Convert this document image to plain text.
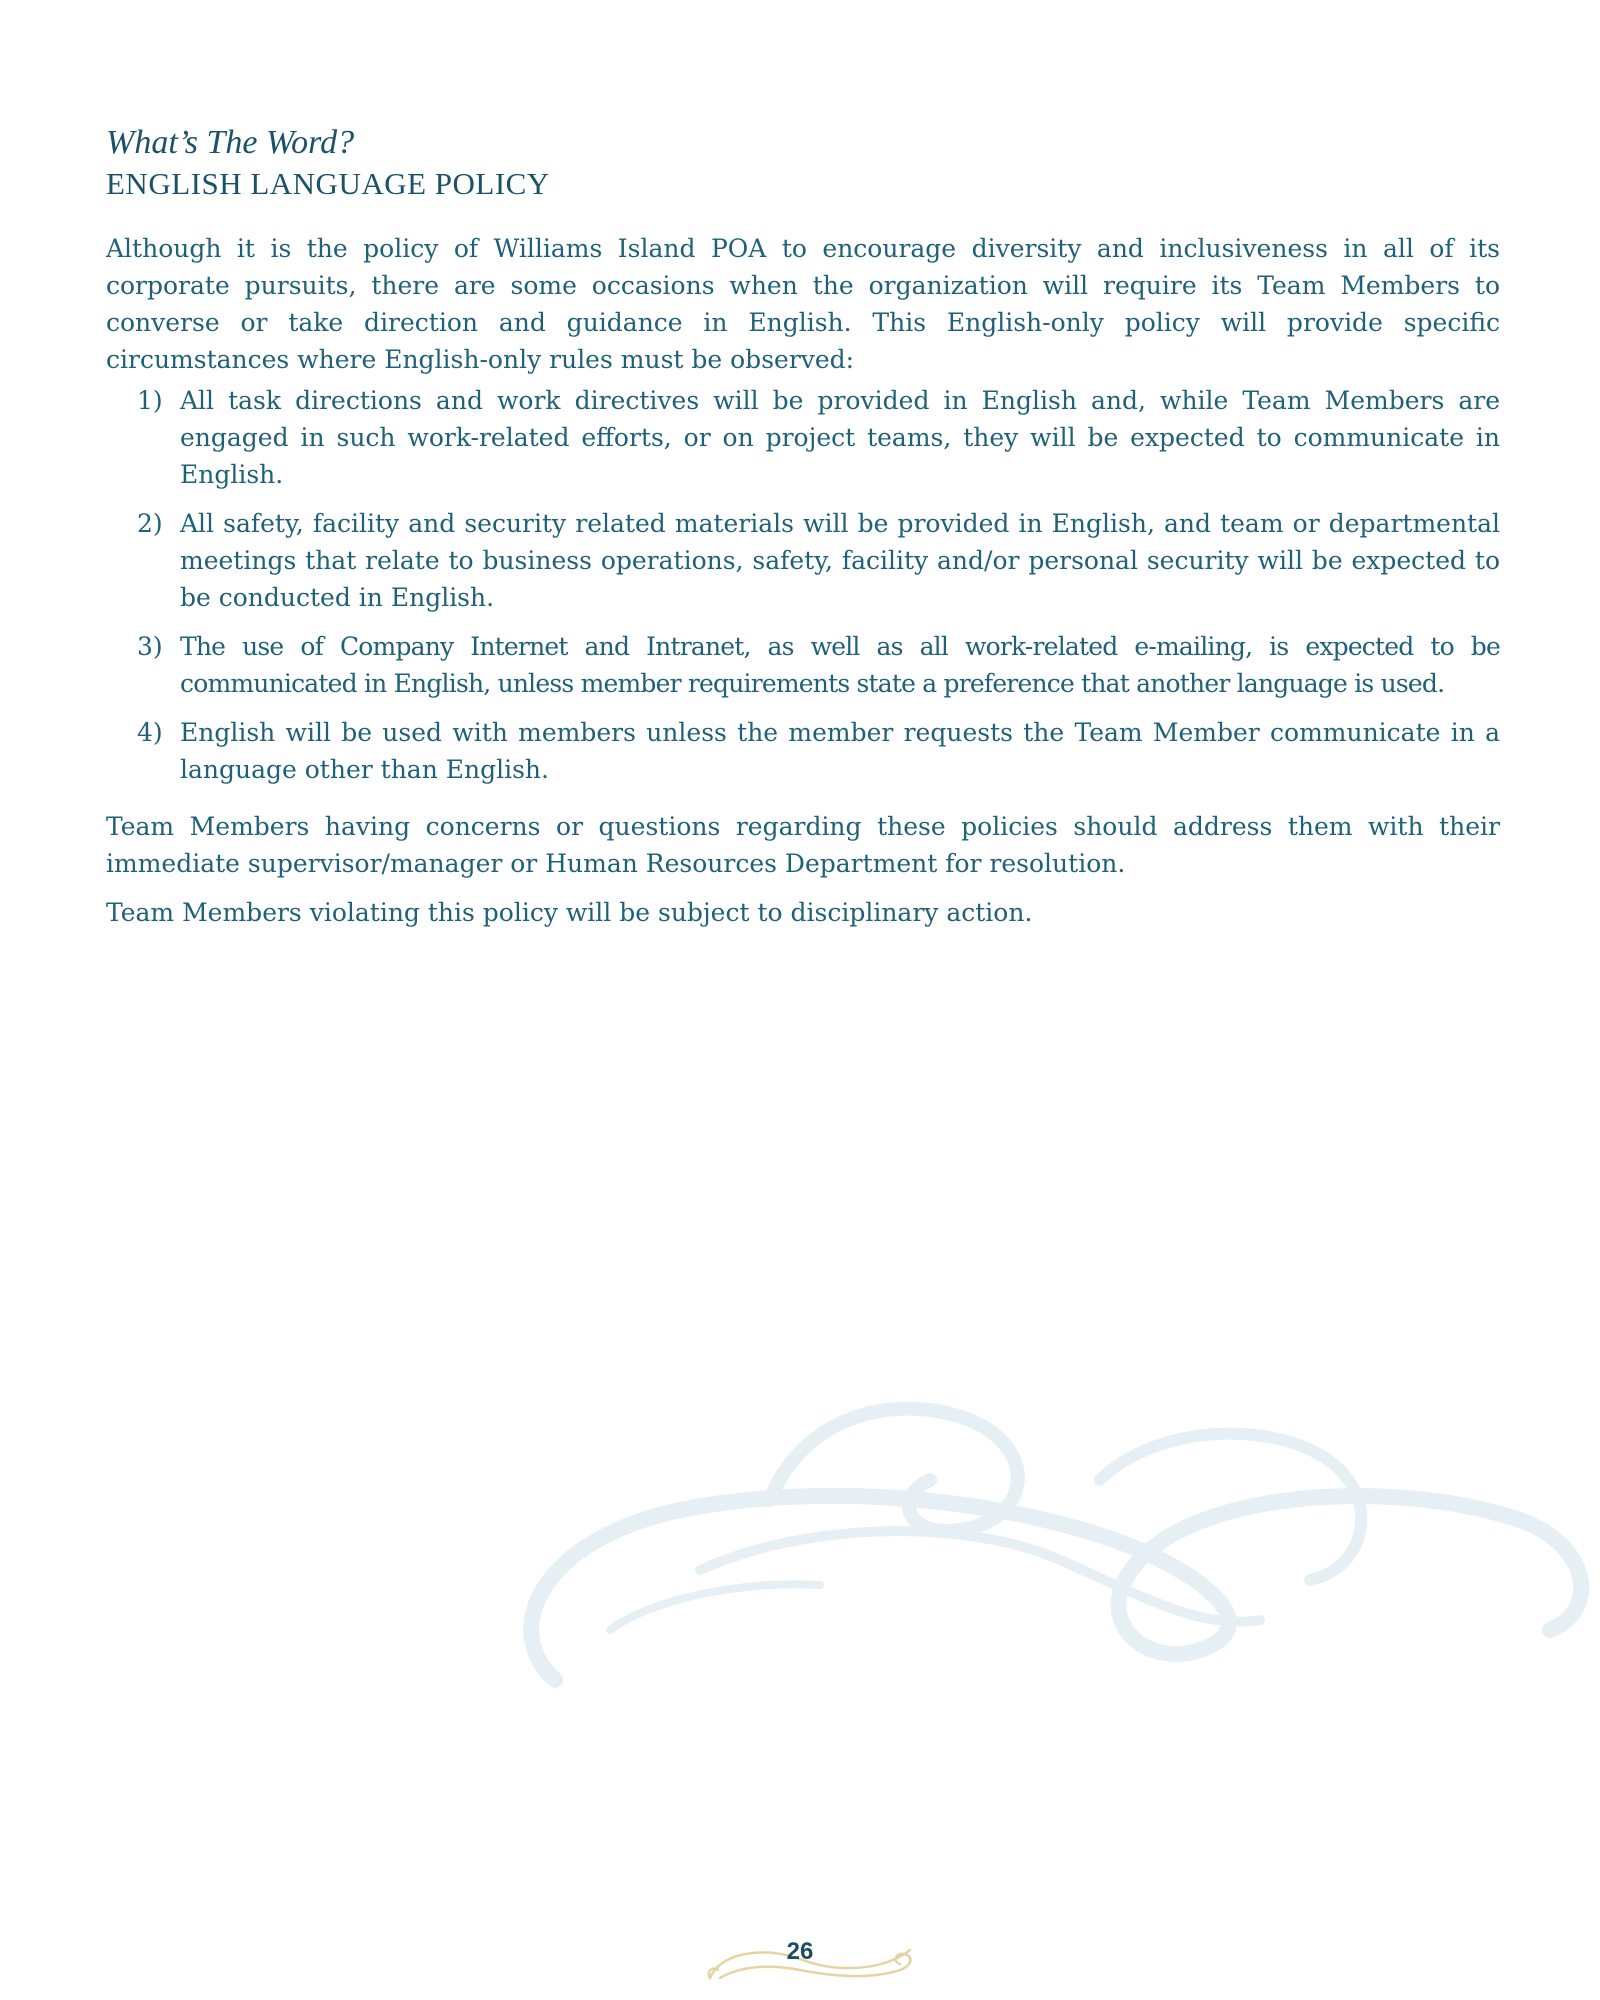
What’s The Word?
ENGLISH LANGUAGE POLICY

Although it is the policy of Williams Island POA to encourage diversity and inclusiveness in all of its corporate pursuits, there are some occasions when the organization will require its Team Members to converse or take direction and guidance in English. This English-only policy will provide specific circumstances where English-only rules must be observed:

1) All task directions and work directives will be provided in English and, while Team Members are engaged in such work-related efforts, or on project teams, they will be expected to communicate in English.
2) All safety, facility and security related materials will be provided in English, and team or departmental meetings that relate to business operations, safety, facility and/or personal security will be expected to be conducted in English.
3) The use of Company Internet and Intranet, as well as all work-related e-mailing, is expected to be communicated in English, unless member requirements state a preference that another language is used.
4) English will be used with members unless the member requests the Team Member communicate in a language other than English.

Team Members having concerns or questions regarding these policies should address them with their immediate supervisor/manager or Human Resources Department for resolution.

Team Members violating this policy will be subject to disciplinary action.

26
